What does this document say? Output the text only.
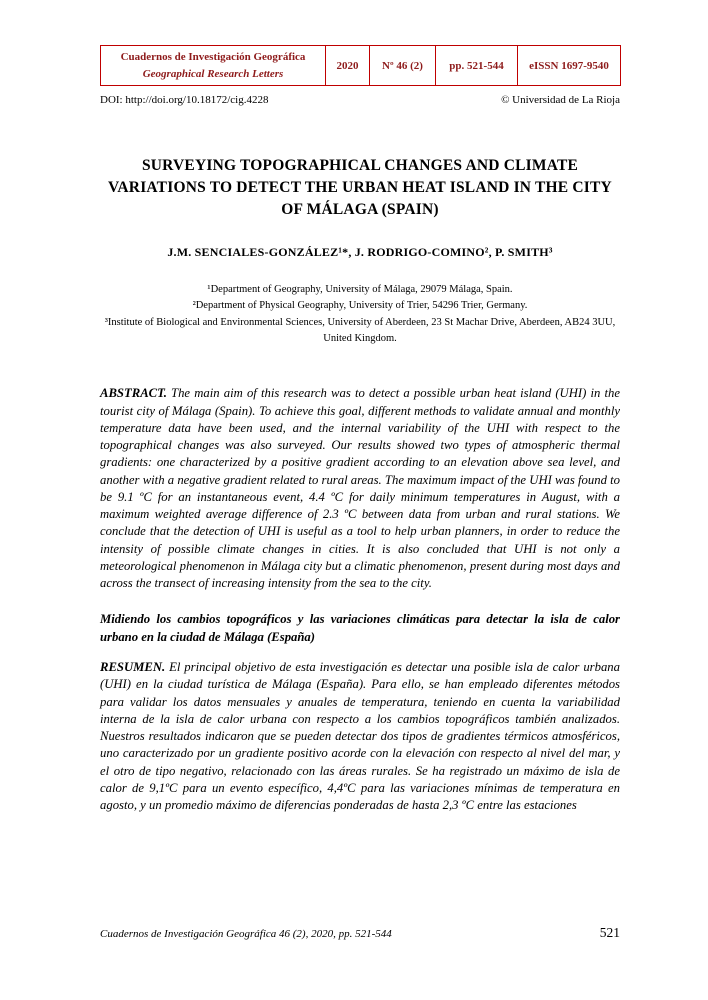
Cuadernos de Investigación Geográfica
Geographical Research Letters
	2020	Nº 46 (2)	pp. 521-544	eISSN 1697-9540
DOI: http://doi.org/10.18172/cig.4228	© Universidad de La Rioja
SURVEYING TOPOGRAPHICAL CHANGES AND CLIMATE VARIATIONS TO DETECT THE URBAN HEAT ISLAND IN THE CITY OF MÁLAGA (SPAIN)
J.M. SENCIALES-GONZÁLEZ¹*, J. RODRIGO-COMINO², P. SMITH³
¹Department of Geography, University of Málaga, 29079 Málaga, Spain.
²Department of Physical Geography, University of Trier, 54296 Trier, Germany.
³Institute of Biological and Environmental Sciences, University of Aberdeen, 23 St Machar Drive, Aberdeen, AB24 3UU, United Kingdom.

ABSTRACT. The main aim of this research was to detect a possible urban heat island (UHI) in the tourist city of Málaga (Spain). To achieve this goal, different methods to validate annual and monthly temperature data have been used, and the internal variability of the UHI with respect to the topographical changes was also surveyed. Our results showed two types of atmospheric thermal gradients: one characterized by a positive gradient according to an elevation above sea level, and another with a negative gradient related to rural areas. The maximum impact of the UHI was found to be 9.1 ºC for an instantaneous event, 4.4 ºC for daily minimum temperatures in August, with a maximum weighted average difference of 2.3 ºC between data from urban and rural stations. We conclude that the detection of UHI is useful as a tool to help urban planners, in order to reduce the intensity of possible climate changes in cities. It is also concluded that UHI is not only a meteorological phenomenon in Málaga city but a climatic phenomenon, present during most days and across the transect of increasing intensity from the sea to the city.

Midiendo los cambios topográficos y las variaciones climáticas para detectar la isla de calor urbano en la ciudad de Málaga (España)

RESUMEN. El principal objetivo de esta investigación es detectar una posible isla de calor urbana (UHI) en la ciudad turística de Málaga (España). Para ello, se han empleado diferentes métodos para validar los datos mensuales y anuales de temperatura, teniendo en cuenta la variabilidad interna de la isla de calor urbana con respecto a los cambios topográficos también analizados. Nuestros resultados indicaron que se pueden detectar dos tipos de gradientes térmicos atmosféricos, uno caracterizado por un gradiente positivo acorde con la elevación con respecto al nivel del mar, y el otro de tipo negativo, relacionado con las áreas rurales. Se ha registrado un máximo de isla de calor de 9,1ºC para un evento específico, 4,4ºC para las variaciones mínimas de temperatura en agosto, y un promedio máximo de diferencias ponderadas de hasta 2,3 ºC entre las estaciones

Cuadernos de Investigación Geográfica 46 (2), 2020, pp. 521-544	521
